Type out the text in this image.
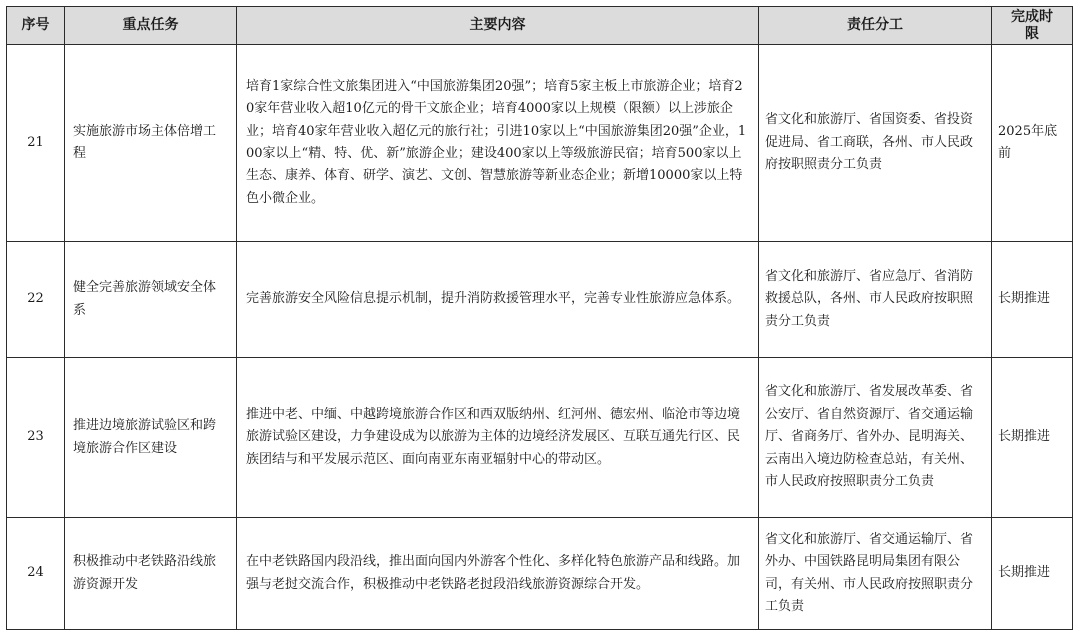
序号	重点任务	主要内容	责任分工	完成时限
21	实施旅游市场主体倍增工程	培育1家综合性文旅集团进入“中国旅游集团20强”；培育5家主板上市旅游企业；培育20家年营业收入超10亿元的骨干文旅企业；培育4000家以上规模（限额）以上涉旅企业；培育40家年营业收入超亿元的旅行社；引进10家以上“中国旅游集团20强”企业，100家以上“精、特、优、新”旅游企业；建设400家以上等级旅游民宿；培育500家以上生态、康养、体育、研学、演艺、文创、智慧旅游等新业态企业；新增10000家以上特色小微企业。	省文化和旅游厅、省国资委、省投资促进局、省工商联，各州、市人民政府按职照责分工负责	2025年底前
22	健全完善旅游领域安全体系	完善旅游安全风险信息提示机制，提升消防救援管理水平，完善专业性旅游应急体系。	省文化和旅游厅、省应急厅、省消防救援总队，各州、市人民政府按职照责分工负责	长期推进
23	推进边境旅游试验区和跨境旅游合作区建设	推进中老、中缅、中越跨境旅游合作区和西双版纳州、红河州、德宏州、临沧市等边境旅游试验区建设，力争建设成为以旅游为主体的边境经济发展区、互联互通先行区、民族团结与和平发展示范区、面向南亚东南亚辐射中心的带动区。	省文化和旅游厅、省发展改革委、省公安厅、省自然资源厅、省交通运输厅、省商务厅、省外办、昆明海关、云南出入境边防检查总站，有关州、市人民政府按照职责分工负责	长期推进
24	积极推动中老铁路沿线旅游资源开发	在中老铁路国内段沿线，推出面向国内外游客个性化、多样化特色旅游产品和线路。加强与老挝交流合作，积极推动中老铁路老挝段沿线旅游资源综合开发。	省文化和旅游厅、省交通运输厅、省外办、中国铁路昆明局集团有限公司，有关州、市人民政府按照职责分工负责	长期推进
